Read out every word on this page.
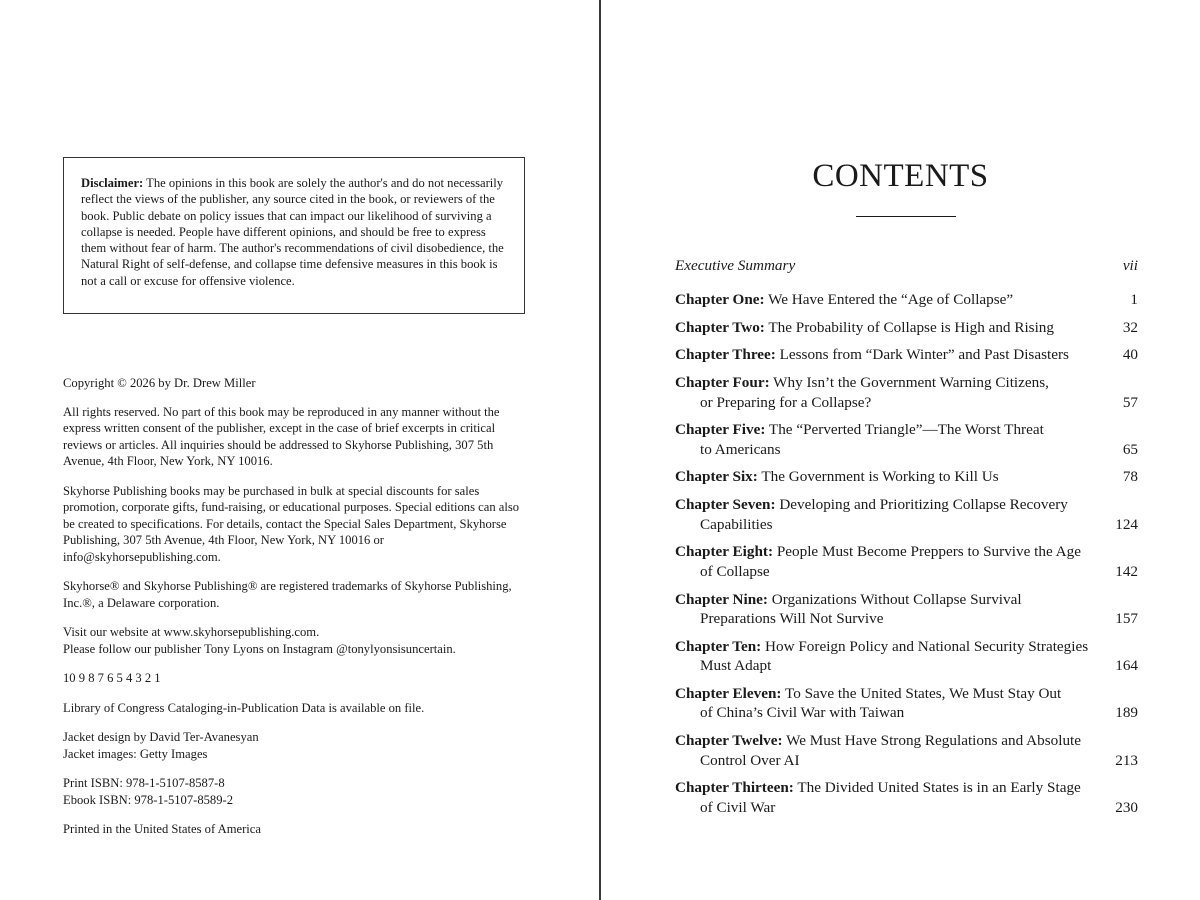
Disclaimer: The opinions in this book are solely the author's and do not necessarily reflect the views of the publisher, any source cited in the book, or reviewers of the book. Public debate on policy issues that can impact our likelihood of surviving a collapse is needed. People have different opinions, and should be free to express them without fear of harm. The author's recommendations of civil disobedience, the Natural Right of self-defense, and collapse time defensive measures in this book is not a call or excuse for offensive violence.

Copyright © 2026 by Dr. Drew Miller

All rights reserved. No part of this book may be reproduced in any manner without the express written consent of the publisher, except in the case of brief excerpts in critical reviews or articles. All inquiries should be addressed to Skyhorse Publishing, 307 5th Avenue, 4th Floor, New York, NY 10016.

Skyhorse Publishing books may be purchased in bulk at special discounts for sales promotion, corporate gifts, fund-raising, or educational purposes. Special editions can also be created to specifications. For details, contact the Special Sales Department, Skyhorse Publishing, 307 5th Avenue, 4th Floor, New York, NY 10016 or info@skyhorsepublishing.com.

Skyhorse® and Skyhorse Publishing® are registered trademarks of Skyhorse Publishing, Inc.®, a Delaware corporation.

Visit our website at www.skyhorsepublishing.com.
Please follow our publisher Tony Lyons on Instagram @tonylyonsisuncertain.

10 9 8 7 6 5 4 3 2 1

Library of Congress Cataloging-in-Publication Data is available on file.

Jacket design by David Ter-Avanesyan
Jacket images: Getty Images

Print ISBN: 978-1-5107-8587-8
Ebook ISBN: 978-1-5107-8589-2

Printed in the United States of America

CONTENTS
Executive Summary	vii
Chapter One: We Have Entered the “Age of Collapse”	1
Chapter Two: The Probability of Collapse is High and Rising	32
Chapter Three: Lessons from “Dark Winter” and Past Disasters	40
Chapter Four: Why Isn’t the Government Warning Citizens,
or Preparing for a Collapse?	57
Chapter Five: The “Perverted Triangle”—The Worst Threat
to Americans	65
Chapter Six: The Government is Working to Kill Us	78
Chapter Seven: Developing and Prioritizing Collapse Recovery
Capabilities	124
Chapter Eight: People Must Become Preppers to Survive the Age
of Collapse	142
Chapter Nine: Organizations Without Collapse Survival
Preparations Will Not Survive	157
Chapter Ten: How Foreign Policy and National Security Strategies
Must Adapt	164
Chapter Eleven: To Save the United States, We Must Stay Out
of China’s Civil War with Taiwan	189
Chapter Twelve: We Must Have Strong Regulations and Absolute
Control Over AI	213
Chapter Thirteen: The Divided United States is in an Early Stage
of Civil War	230
